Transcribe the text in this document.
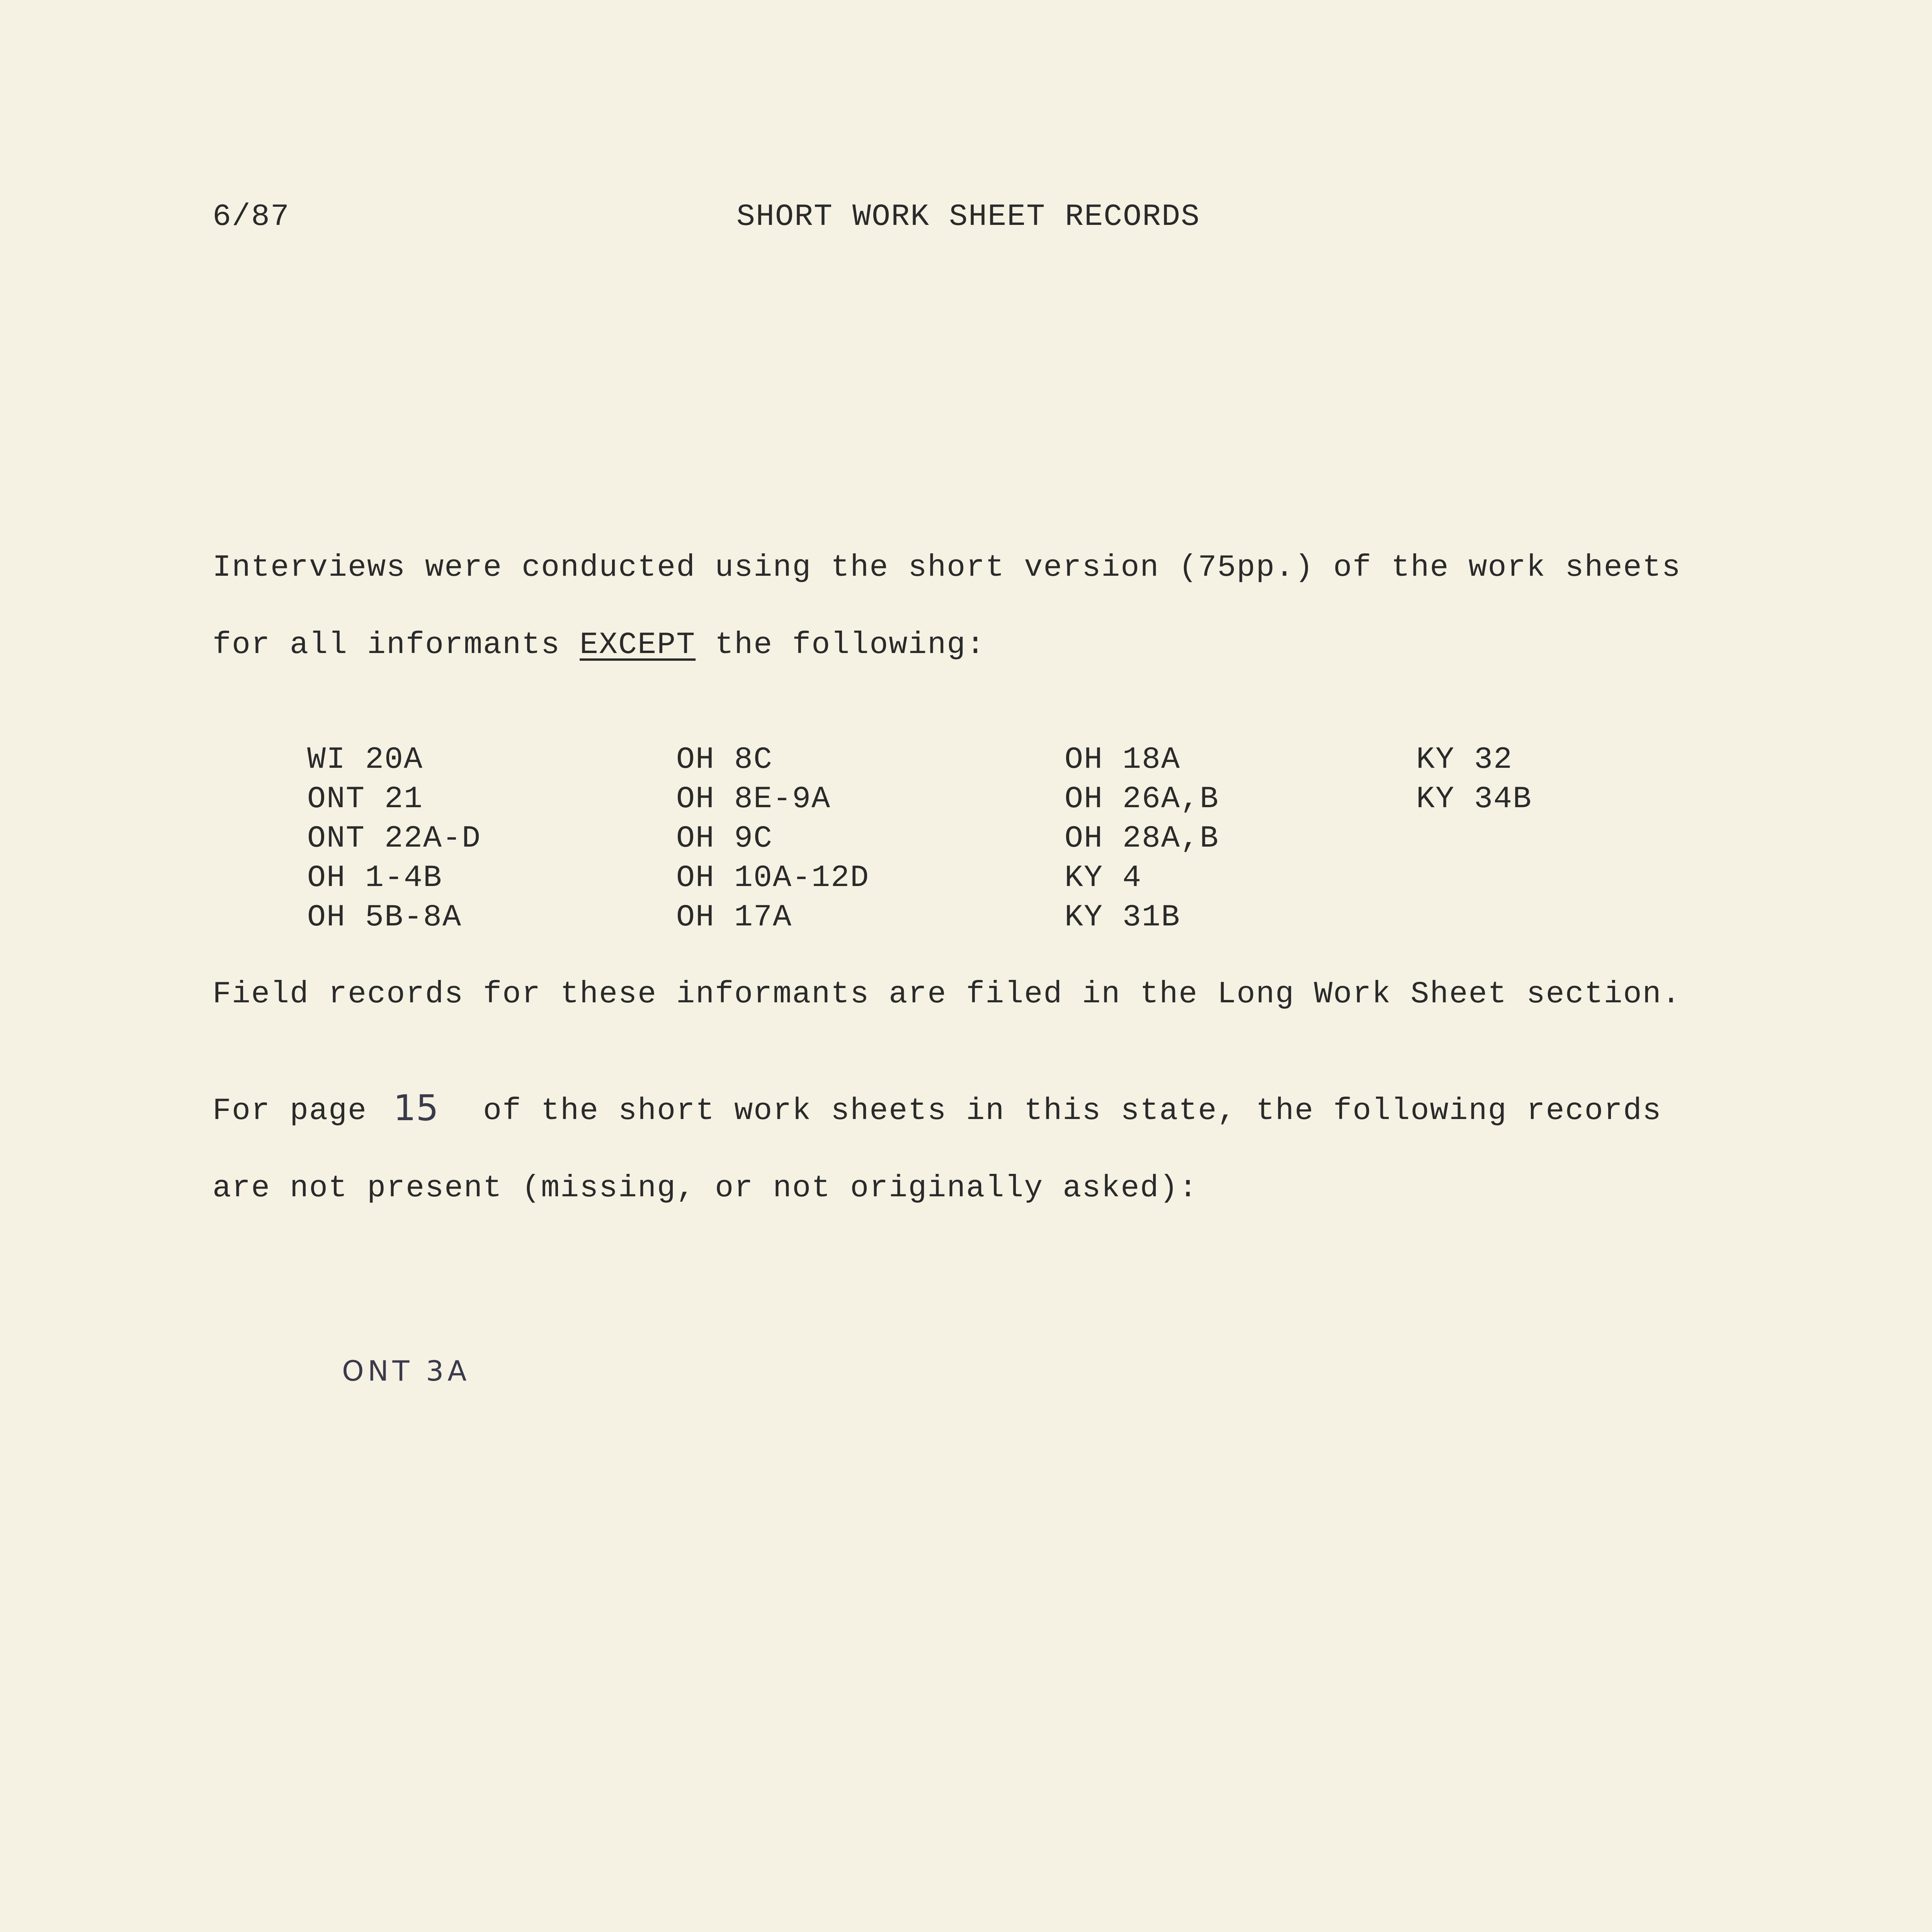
6/87	SHORT WORK SHEET RECORDS
Interviews were conducted using the short version (75pp.) of the work sheets
for all informants EXCEPT the following:
WI 20A
ONT 21
ONT 22A-D
OH 1-4B
OH 5B-8A
OH 8C
OH 8E-9A
OH 9C
OH 10A-12D
OH 17A
OH 18A
OH 26A,B
OH 28A,B
KY 4
KY 31B
KY 32
KY 34B
Field records for these informants are filed in the Long Work Sheet section.
For page	of the short work sheets in this state, the following records
15
are not present (missing, or not originally asked):
ONT 3A
